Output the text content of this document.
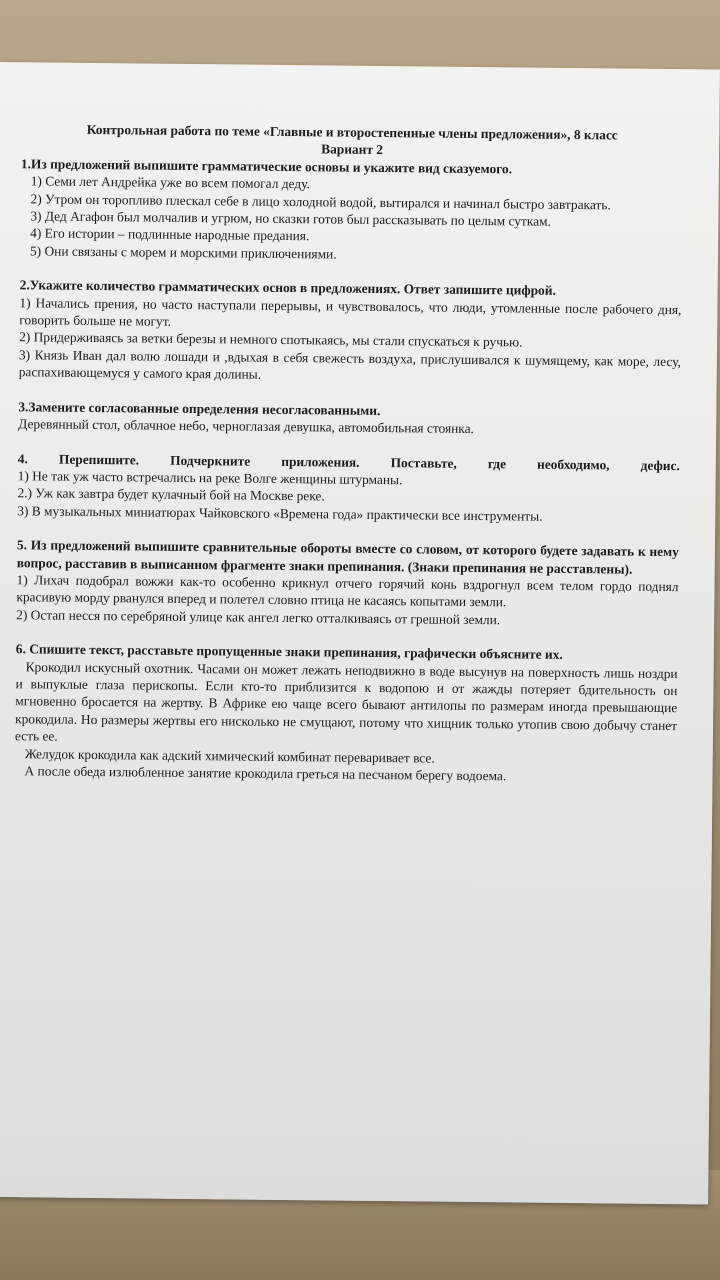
Контрольная работа по теме «Главные и второстепенные члены предложения», 8 класс

Вариант 2

1.Из предложений выпишите грамматические основы и укажите вид сказуемого.

1) Семи лет Андрейка уже во всем помогал деду.

2) Утром он торопливо плескал себе в лицо холодной водой, вытирался и начинал быстро завтракать.

3) Дед Агафон был молчалив и угрюм, но сказки готов был рассказывать по целым суткам.

4) Его истории – подлинные народные предания.

5) Они связаны с морем и морскими приключениями.

2.Укажите количество грамматических основ в предложениях. Ответ запишите цифрой.

1) Начались прения, но часто наступали перерывы, и чувствовалось, что люди, утомленные после рабочего дня, говорить больше не могут.

2) Придерживаясь за ветки березы и немного спотыкаясь, мы стали спускаться к ручью.

3) Князь Иван дал волю лошади и ,вдыхая в себя свежесть воздуха, прислушивался к шумящему, как море, лесу, распахивающемуся у самого края долины.

3.Замените согласованные определения несогласованными.

Деревянный стол, облачное небо, черноглазая девушка, автомобильная стоянка.

4. Перепишите. Подчеркните приложения. Поставьте, где необходимо, дефис.

1) Не так уж часто встречались на реке Волге женщины штурманы.

2.) Уж как завтра будет кулачный бой на Москве реке.

3) В музыкальных миниатюрах Чайковского «Времена года» практически все инструменты.

5. Из предложений выпишите сравнительные обороты вместе со словом, от которого будете задавать к нему вопрос, расставив в выписанном фрагменте знаки препинания. (Знаки препинания не расставлены).

1) Лихач подобрал вожжи как-то особенно крикнул отчего горячий конь вздрогнул всем телом гордо поднял красивую морду рванулся вперед и полетел словно птица не касаясь копытами земли.

2) Остап несся по серебряной улице как ангел легко отталкиваясь от грешной земли.

6. Спишите текст, расставьте пропущенные знаки препинания, графически объясните их.

Крокодил искусный охотник. Часами он может лежать неподвижно в воде высунув на поверхность лишь ноздри и выпуклые глаза перископы. Если кто-то приблизится к водопою и от жажды потеряет бдительность он мгновенно бросается на жертву. В Африке ею чаще всего бывают антилопы по размерам иногда превышающие крокодила. Но размеры жертвы его нисколько не смущают, потому что хищник только утопив свою добычу станет есть ее.

Желудок крокодила как адский химический комбинат переваривает все.

А после обеда излюбленное занятие крокодила греться на песчаном берегу водоема.
